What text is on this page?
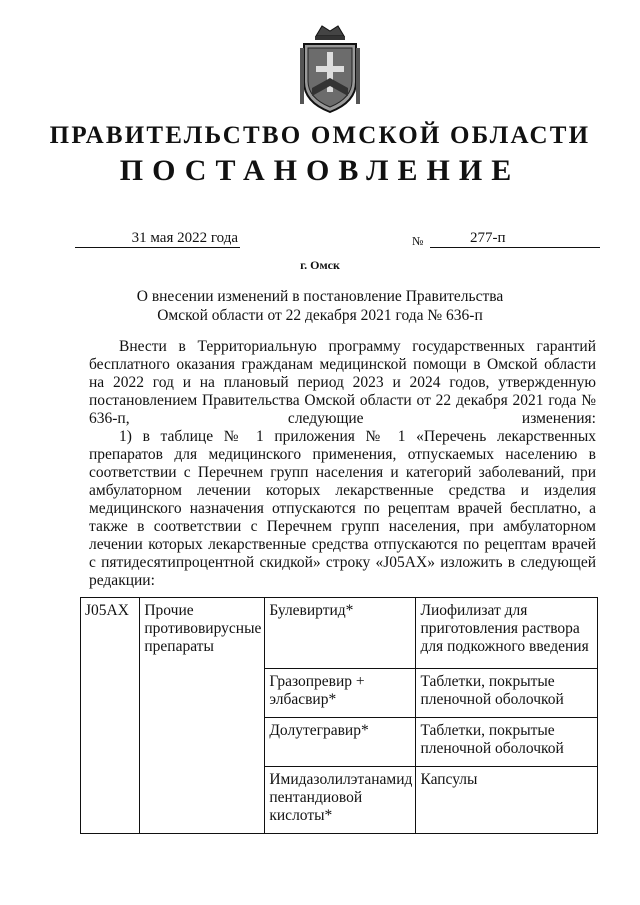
ПРАВИТЕЛЬСТВО ОМСКОЙ ОБЛАСТИ
ПОСТАНОВЛЕНИЕ
31 мая 2022 года	№	277-п
г. Омск
О внесении изменений в постановление Правительства
Омской области от 22 декабря 2021 года № 636-п

Внести в Территориальную программу государственных гарантий бесплатного оказания гражданам медицинской помощи в Омской области на 2022 год и на плановый период 2023 и 2024 годов, утвержденную постановлением Правительства Омской области от 22 декабря 2021 года № 636-п, следующие изменения:

1) в таблице № 1 приложения № 1 «Перечень лекарственных препаратов для медицинского применения, отпускаемых населению в соответствии с Перечнем групп населения и категорий заболеваний, при амбулаторном лечении которых лекарственные средства и изделия медицинского назначения отпускаются по рецептам врачей бесплатно, а также в соответствии с Перечнем групп населения, при амбулаторном лечении которых лекарственные средства отпускаются по рецептам врачей с пятидесятипроцентной скидкой» строку «J05AX» изложить в следующей редакции:

J05AX	Прочие противовирусные препараты	Булевиртид*	Лиофилизат для приготовления раствора для подкожного введения
		Гразопревир + элбасвир*	Таблетки, покрытые пленочной оболочкой
		Долутегравир*	Таблетки, покрытые пленочной оболочкой
		Имидазолилэтанамид пентандиовой кислоты*	Капсулы
